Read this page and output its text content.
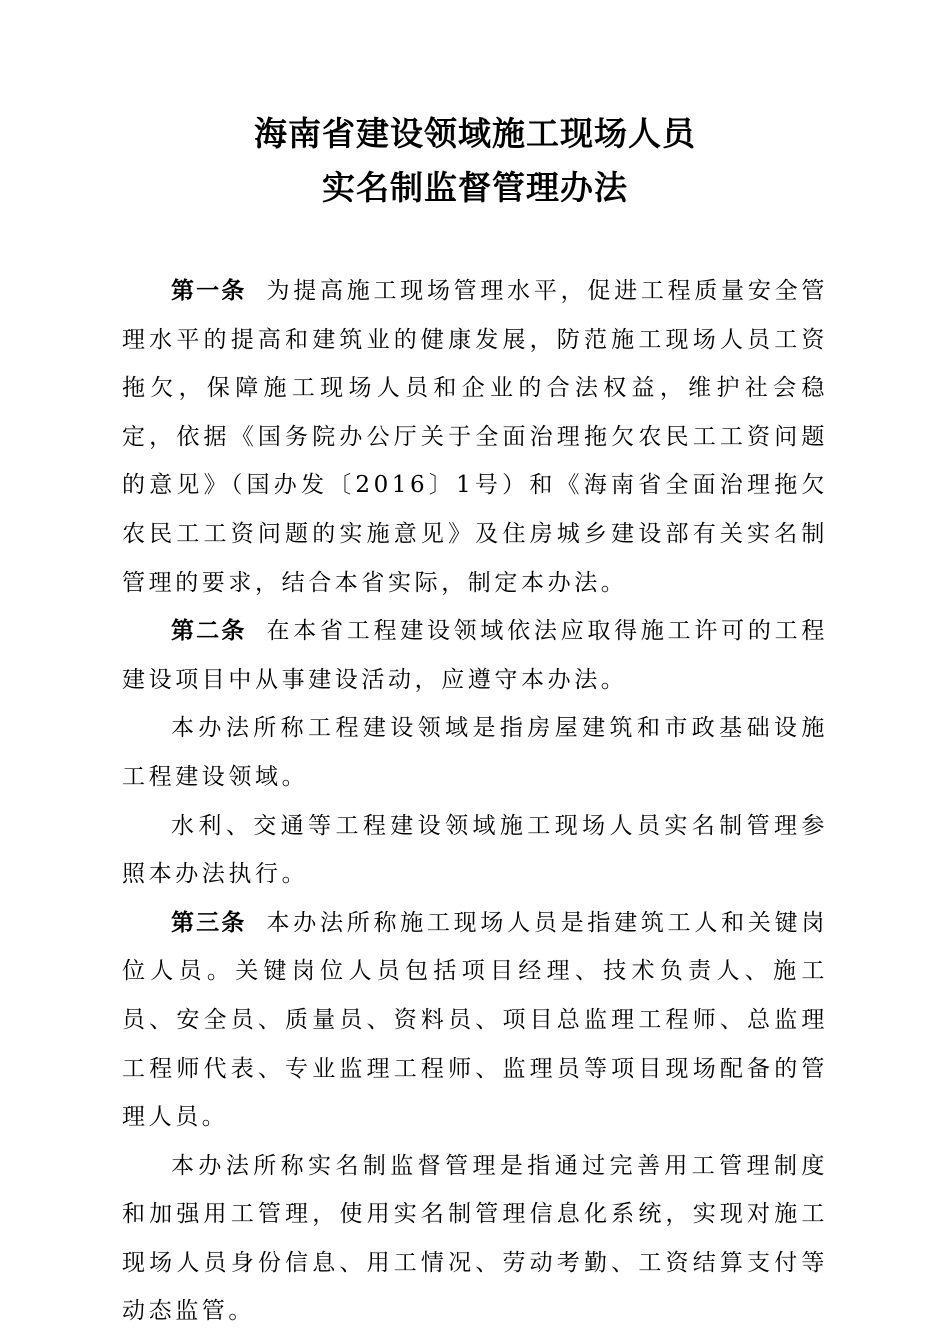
海南省建设领域施工现场人员
实名制监督管理办法

第一条 为提高施工现场管理水平，促进工程质量安全管理水平的提高和建筑业的健康发展，防范施工现场人员工资拖欠，保障施工现场人员和企业的合法权益，维护社会稳定，依据《国务院办公厅关于全面治理拖欠农民工工资问题的意见》（国办发〔2016〕1号）和《海南省全面治理拖欠农民工工资问题的实施意见》及住房城乡建设部有关实名制管理的要求，结合本省实际，制定本办法。

第二条 在本省工程建设领域依法应取得施工许可的工程建设项目中从事建设活动，应遵守本办法。

本办法所称工程建设领域是指房屋建筑和市政基础设施工程建设领域。

水利、交通等工程建设领域施工现场人员实名制管理参照本办法执行。

第三条 本办法所称施工现场人员是指建筑工人和关键岗位人员。关键岗位人员包括项目经理、技术负责人、施工员、安全员、质量员、资料员、项目总监理工程师、总监理工程师代表、专业监理工程师、监理员等项目现场配备的管理人员。

本办法所称实名制监督管理是指通过完善用工管理制度和加强用工管理，使用实名制管理信息化系统，实现对施工现场人员身份信息、用工情况、劳动考勤、工资结算支付等动态监管。
